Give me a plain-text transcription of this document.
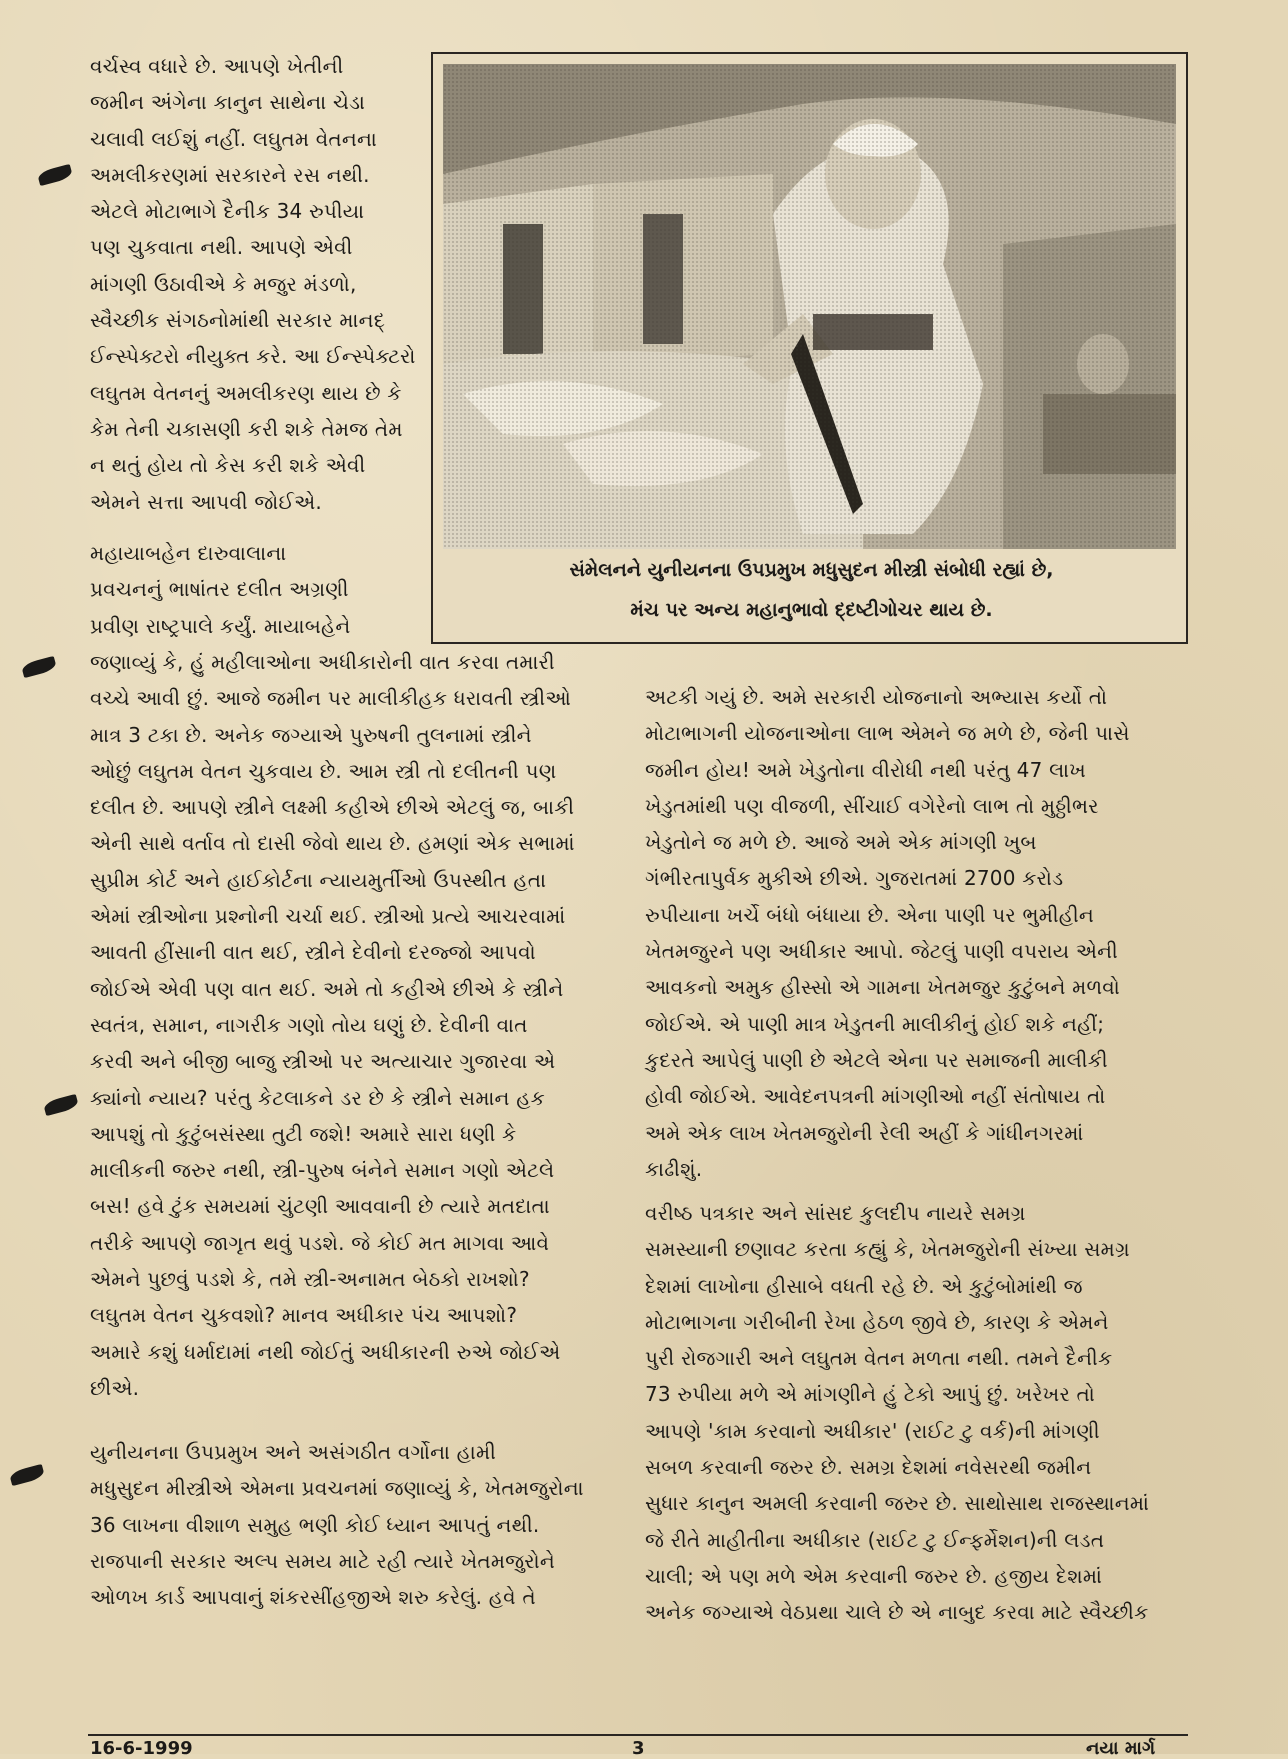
વર્ચસ્વ વધારે છે. આપણે ખેતીની
જમીન અંગેના કાનુન સાથેના ચેડા
ચલાવી લઈશું નહીં. લઘુતમ વેતનના
અમલીકરણમાં સરકારને રસ નથી.
એટલે મોટાભાગે દૈનીક 34 રુપીયા
પણ ચુકવાતા નથી. આપણે એવી
માંગણી ઉઠાવીએ કે મજુર મંડળો,
સ્વૈચ્છીક સંગઠનોમાંથી સરકાર માનદ્
ઈન્સ્પેક્ટરો નીયુક્ત કરે. આ ઈન્સ્પેક્ટરો
લઘુતમ વેતનનું અમલીકરણ થાય છે કે
કેમ તેની ચકાસણી કરી શકે તેમજ તેમ
ન થતું હોય તો કેસ કરી શકે એવી
એમને સત્તા આપવી જોઈએ.
સંમેલનને યુનીયનના ઉપપ્રમુખ મધુસુદન મીસ્ત્રી સંબોધી રહ્યાં છે,
મંચ પર અન્ય મહાનુભાવો દ્દષ્ટીગોચર થાય છે.
મહાયાબહેન દારુવાલાના
પ્રવચનનું ભાષાંતર દલીત અગ્રણી
પ્રવીણ રાષ્ટ્રપાલે કર્યું. માયાબહેને
જણાવ્યું કે, હું મહીલાઓના અધીકારોની વાત કરવા તમારી
વચ્ચે આવી છું. આજે જમીન પર માલીકીહક ધરાવતી સ્ત્રીઓ
માત્ર 3 ટકા છે. અનેક જગ્યાએ પુરુષની તુલનામાં સ્ત્રીને
ઓછું લઘુતમ વેતન ચુકવાય છે. આમ સ્ત્રી તો દલીતની પણ
દલીત છે. આપણે સ્ત્રીને લક્ષ્મી કહીએ છીએ એટલું જ, બાકી
એની સાથે વર્તાવ તો દાસી જેવો થાય છે. હમણાં એક સભામાં
સુપ્રીમ કોર્ટ અને હાઈકોર્ટના ન્યાયમુર્તીઓ ઉપસ્થીત હતા
એમાં સ્ત્રીઓના પ્રશ્નોની ચર્ચા થઈ. સ્ત્રીઓ પ્રત્યે આચરવામાં
આવતી હીંસાની વાત થઈ, સ્ત્રીને દેવીનો દરજ્જો આપવો
જોઈએ એવી પણ વાત થઈ. અમે તો કહીએ છીએ કે સ્ત્રીને
સ્વતંત્ર, સમાન, નાગરીક ગણો તોય ઘણું છે. દેવીની વાત
કરવી અને બીજી બાજુ સ્ત્રીઓ પર અત્યાચાર ગુજારવા એ
ક્યાંનો ન્યાય? પરંતુ કેટલાકને ડર છે કે સ્ત્રીને સમાન હક
આપશું તો કુટુંબસંસ્થા તુટી જશે! અમારે સારા ધણી કે
માલીકની જરુર નથી, સ્ત્રી-પુરુષ બંનેને સમાન ગણો એટલે
બસ! હવે ટુંક સમયમાં ચુંટણી આવવાની છે ત્યારે મતદાતા
તરીકે આપણે જાગૃત થવું પડશે. જે કોઈ મત માગવા આવે
એમને પુછવું પડશે કે, તમે સ્ત્રી-અનામત બેઠકો રાખશો?
લઘુતમ વેતન ચુકવશો? માનવ અધીકાર પંચ આપશો?
અમારે કશું ધર્માદામાં નથી જોઈતું અધીકારની રુએ જોઈએ
છીએ.
યુનીયનના ઉપપ્રમુખ અને અસંગઠીત વર્ગોના હામી
મધુસુદન મીસ્ત્રીએ એમના પ્રવચનમાં જણાવ્યું કે, ખેતમજુરોના
36 લાખના વીશાળ સમુહ ભણી કોઈ ધ્યાન આપતું નથી.
રાજપાની સરકાર અલ્પ સમય માટે રહી ત્યારે ખેતમજુરોને
ઓળખ કાર્ડ આપવાનું શંકરસીંહજીએ શરુ કરેલું. હવે તે
અટકી ગયું છે. અમે સરકારી યોજનાનો અભ્યાસ કર્યો તો
મોટાભાગની યોજનાઓના લાભ એમને જ મળે છે, જેની પાસે
જમીન હોય! અમે ખેડુતોના વીરોધી નથી પરંતુ 47 લાખ
ખેડુતમાંથી પણ વીજળી, સીંચાઈ વગેરેનો લાભ તો મુઠ્ઠીભર
ખેડુતોને જ મળે છે. આજે અમે એક માંગણી ખુબ
ગંભીરતાપુર્વક મુકીએ છીએ. ગુજરાતમાં 2700 કરોડ
રુપીયાના ખર્ચે બંધો બંધાયા છે. એના પાણી પર ભુમીહીન
ખેતમજુરને પણ અધીકાર આપો. જેટલું પાણી વપરાય એની
આવકનો અમુક હીસ્સો એ ગામના ખેતમજુર કુટુંબને મળવો
જોઈએ. એ પાણી માત્ર ખેડુતની માલીકીનું હોઈ શકે નહીં;
કુદરતે આપેલું પાણી છે એટલે એના પર સમાજની માલીકી
હોવી જોઈએ. આવેદનપત્રની માંગણીઓ નહીં સંતોષાય તો
અમે એક લાખ ખેતમજુરોની રેલી અહીં કે ગાંધીનગરમાં
કાઢીશું.
વરીષ્ઠ પત્રકાર અને સાંસદ કુલદીપ નાયરે સમગ્ર
સમસ્યાની છણાવટ કરતા કહ્યું કે, ખેતમજુરોની સંખ્યા સમગ્ર
દેશમાં લાખોના હીસાબે વધતી રહે છે. એ કુટુંબોમાંથી જ
મોટાભાગના ગરીબીની રેખા હેઠળ જીવે છે, કારણ કે એમને
પુરી રોજગારી અને લઘુતમ વેતન મળતા નથી. તમને દૈનીક
73 રુપીયા મળે એ માંગણીને હું ટેકો આપું છું. ખરેખર તો
આપણે 'કામ કરવાનો અધીકાર' (રાઈટ ટુ વર્ક)ની માંગણી
સબળ કરવાની જરુર છે. સમગ્ર દેશમાં નવેસરથી જમીન
સુધાર કાનુન અમલી કરવાની જરુર છે. સાથોસાથ રાજસ્થાનમાં
જે રીતે માહીતીના અધીકાર (રાઈટ ટુ ઈન્ફર્મેશન)ની લડત
ચાલી; એ પણ મળે એમ કરવાની જરુર છે. હજીય દેશમાં
અનેક જગ્યાએ વેઠપ્રથા ચાલે છે એ નાબુદ કરવા માટે સ્વૈચ્છીક
16-6-1999	3	નયા માર્ગ
